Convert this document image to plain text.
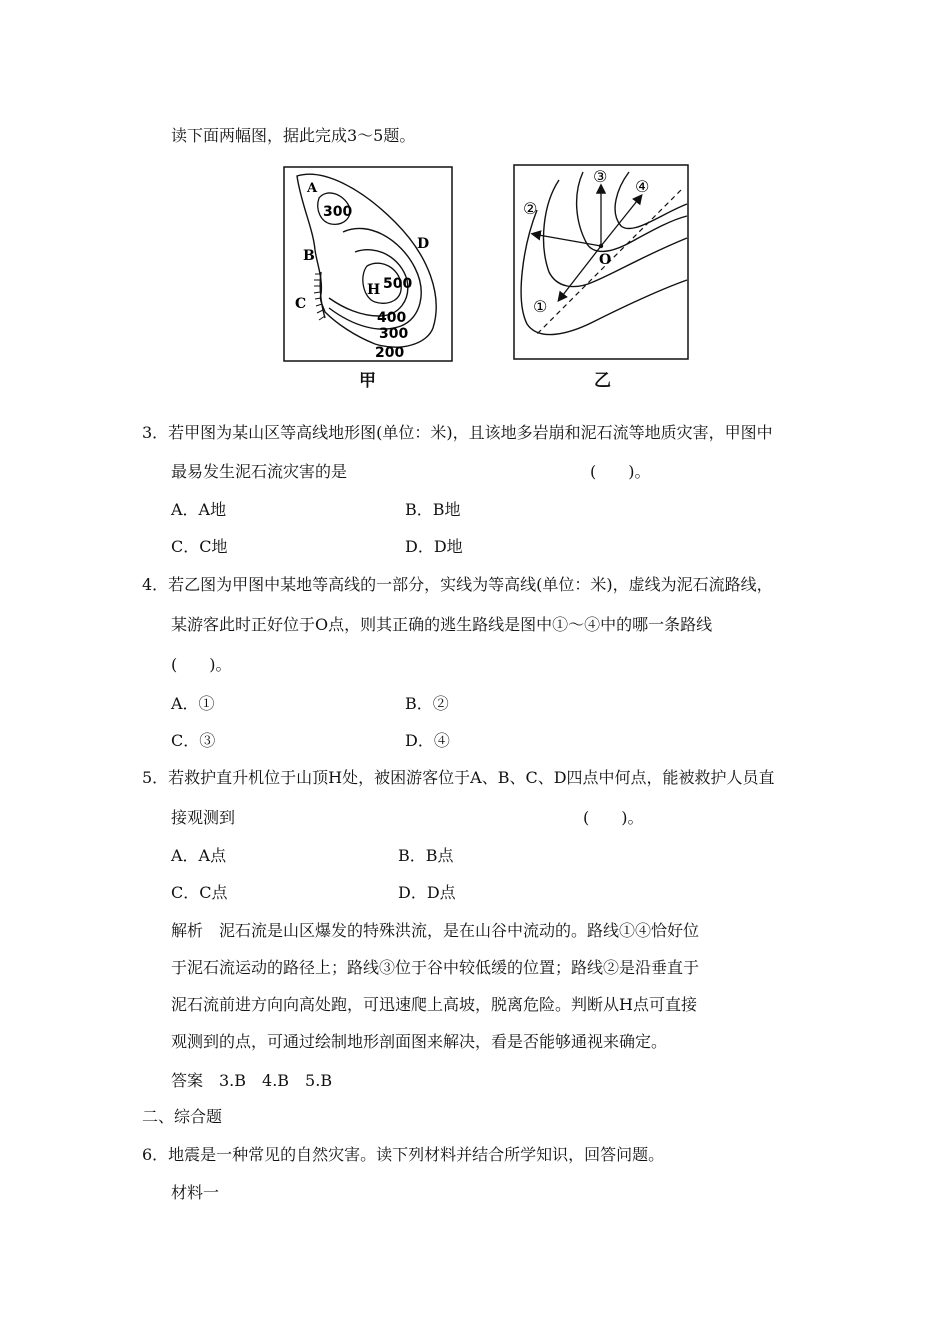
读下面两幅图，据此完成3～5题。
A
B
C
D
H
300
500
400
300
200
甲
①
②
③
④
O
乙
3．若甲图为某山区等高线地形图(单位：米)，且该地多岩崩和泥石流等地质灾害，甲图中
最易发生泥石流灾害的是	(　　)。
A．A地	B．B地
C．C地	D．D地
4．若乙图为甲图中某地等高线的一部分，实线为等高线(单位：米)，虚线为泥石流路线，
某游客此时正好位于O点，则其正确的逃生路线是图中①～④中的哪一条路线
(　　)。
A．①	B．②
C．③	D．④
5．若救护直升机位于山顶H处，被困游客位于A、B、C、D四点中何点，能被救护人员直
接观测到	(　　)。
A．A点	B．B点
C．C点	D．D点
解析　泥石流是山区爆发的特殊洪流，是在山谷中流动的。路线①④恰好位
于泥石流运动的路径上；路线③位于谷中较低缓的位置；路线②是沿垂直于
泥石流前进方向向高处跑，可迅速爬上高坡，脱离危险。判断从H点可直接
观测到的点，可通过绘制地形剖面图来解决，看是否能够通视来确定。
答案　3.B　4.B　5.B
二、综合题
6．地震是一种常见的自然灾害。读下列材料并结合所学知识，回答问题。
材料一
